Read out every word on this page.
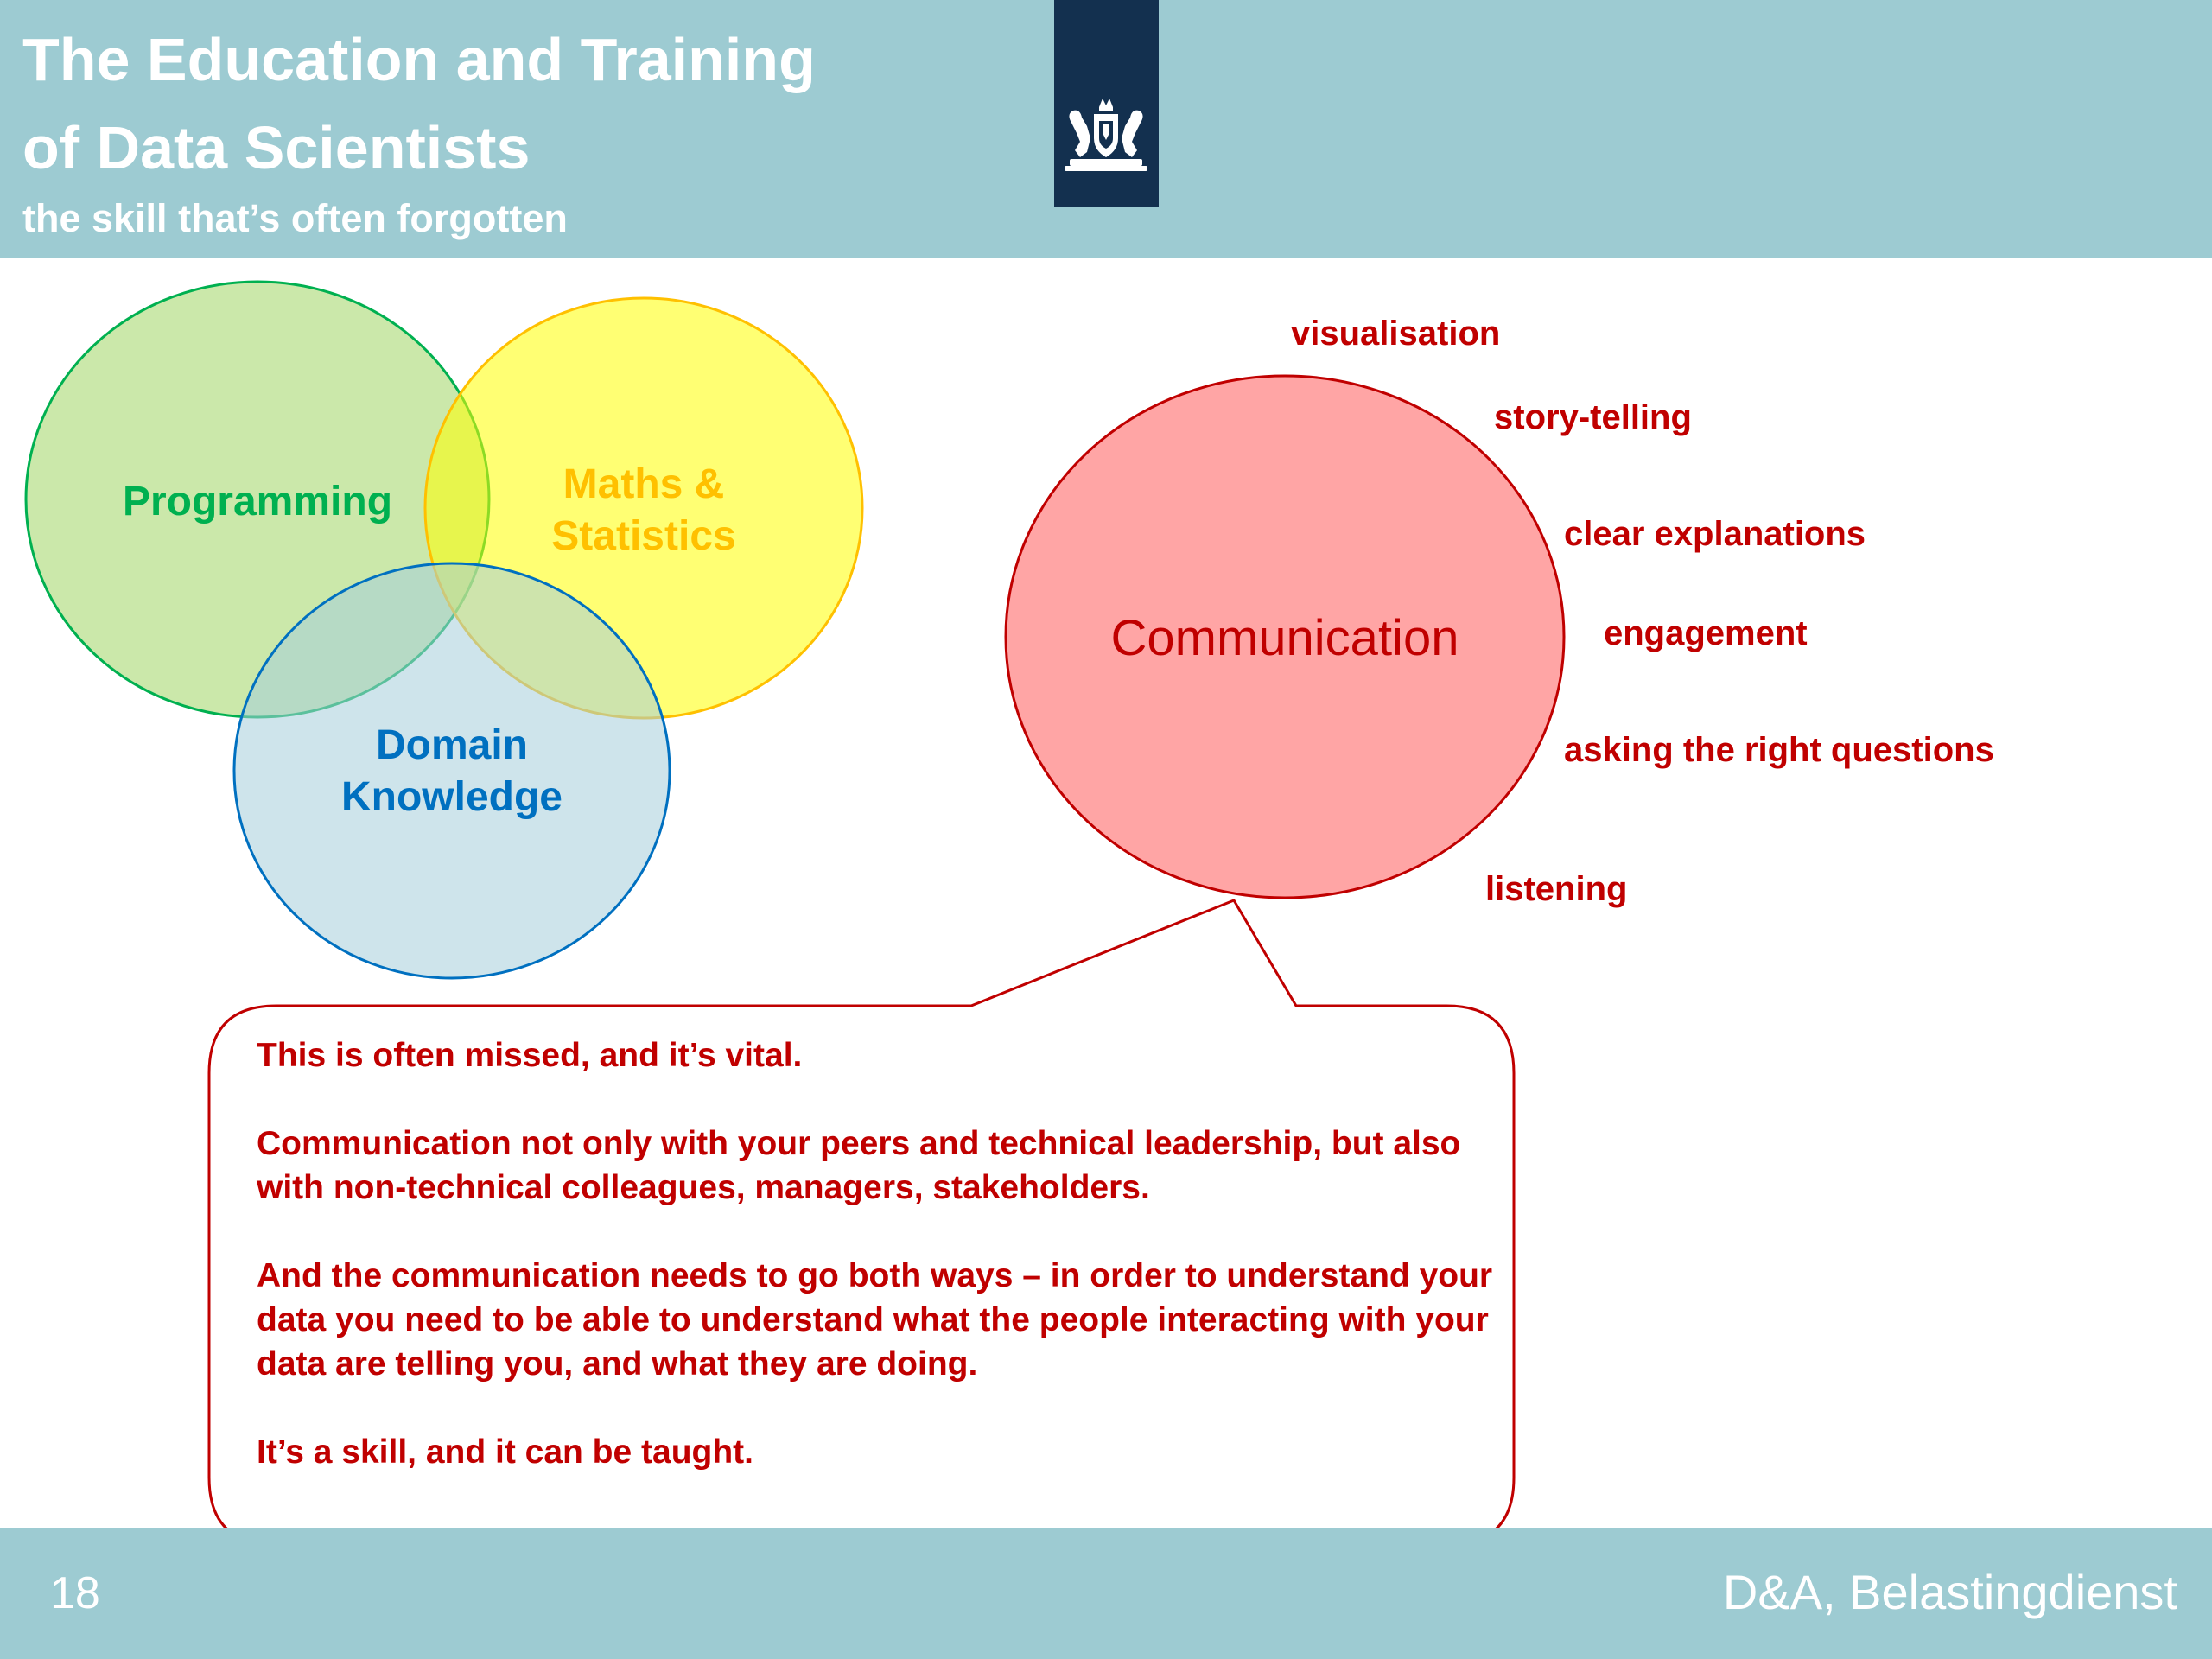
The Education and Training
of Data Scientists
the skill that’s often forgotten
Programming	Maths &
Statistics
Domain
Knowledge
Communication
visualisation
story-telling
clear explanations
engagement
asking the right questions
listening

This is often missed, and it’s vital.

Communication not only with your peers and technical leadership, but also with non-technical colleagues, managers, stakeholders.

And the communication needs to go both ways – in order to understand your data you need to be able to understand what the people interacting with your data are telling you, and what they are doing.

It’s a skill, and it can be taught.

18	D&A, Belastingdienst
